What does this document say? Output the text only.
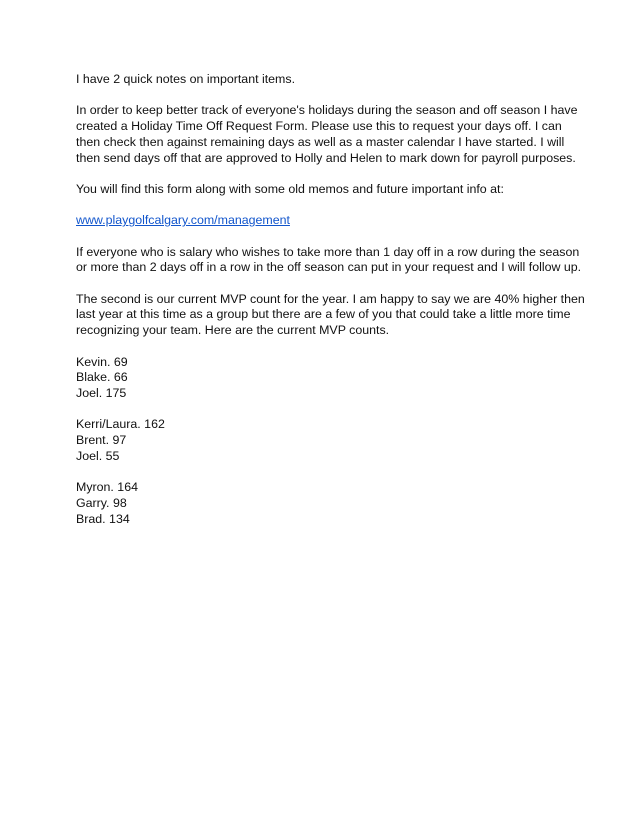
I have 2 quick notes on important items.

In order to keep better track of everyone's holidays during the season and off season I have created a Holiday Time Off Request Form. Please use this to request your days off. I can then check then against remaining days as well as a master calendar I have started. I will then send days off that are approved to Holly and Helen to mark down for payroll purposes.

You will find this form along with some old memos and future important info at:

www.playgolfcalgary.com/management

If everyone who is salary who wishes to take more than 1 day off in a row during the season or more than 2 days off in a row in the off season can put in your request and I will follow up.

The second is our current MVP count for the year. I am happy to say we are 40% higher then last year at this time as a group but there are a few of you that could take a little more time recognizing your team. Here are the current MVP counts.

Kevin. 69
Blake. 66
Joel. 175
Kerri/Laura. 162
Brent. 97
Joel. 55
Myron. 164
Garry. 98
Brad. 134
